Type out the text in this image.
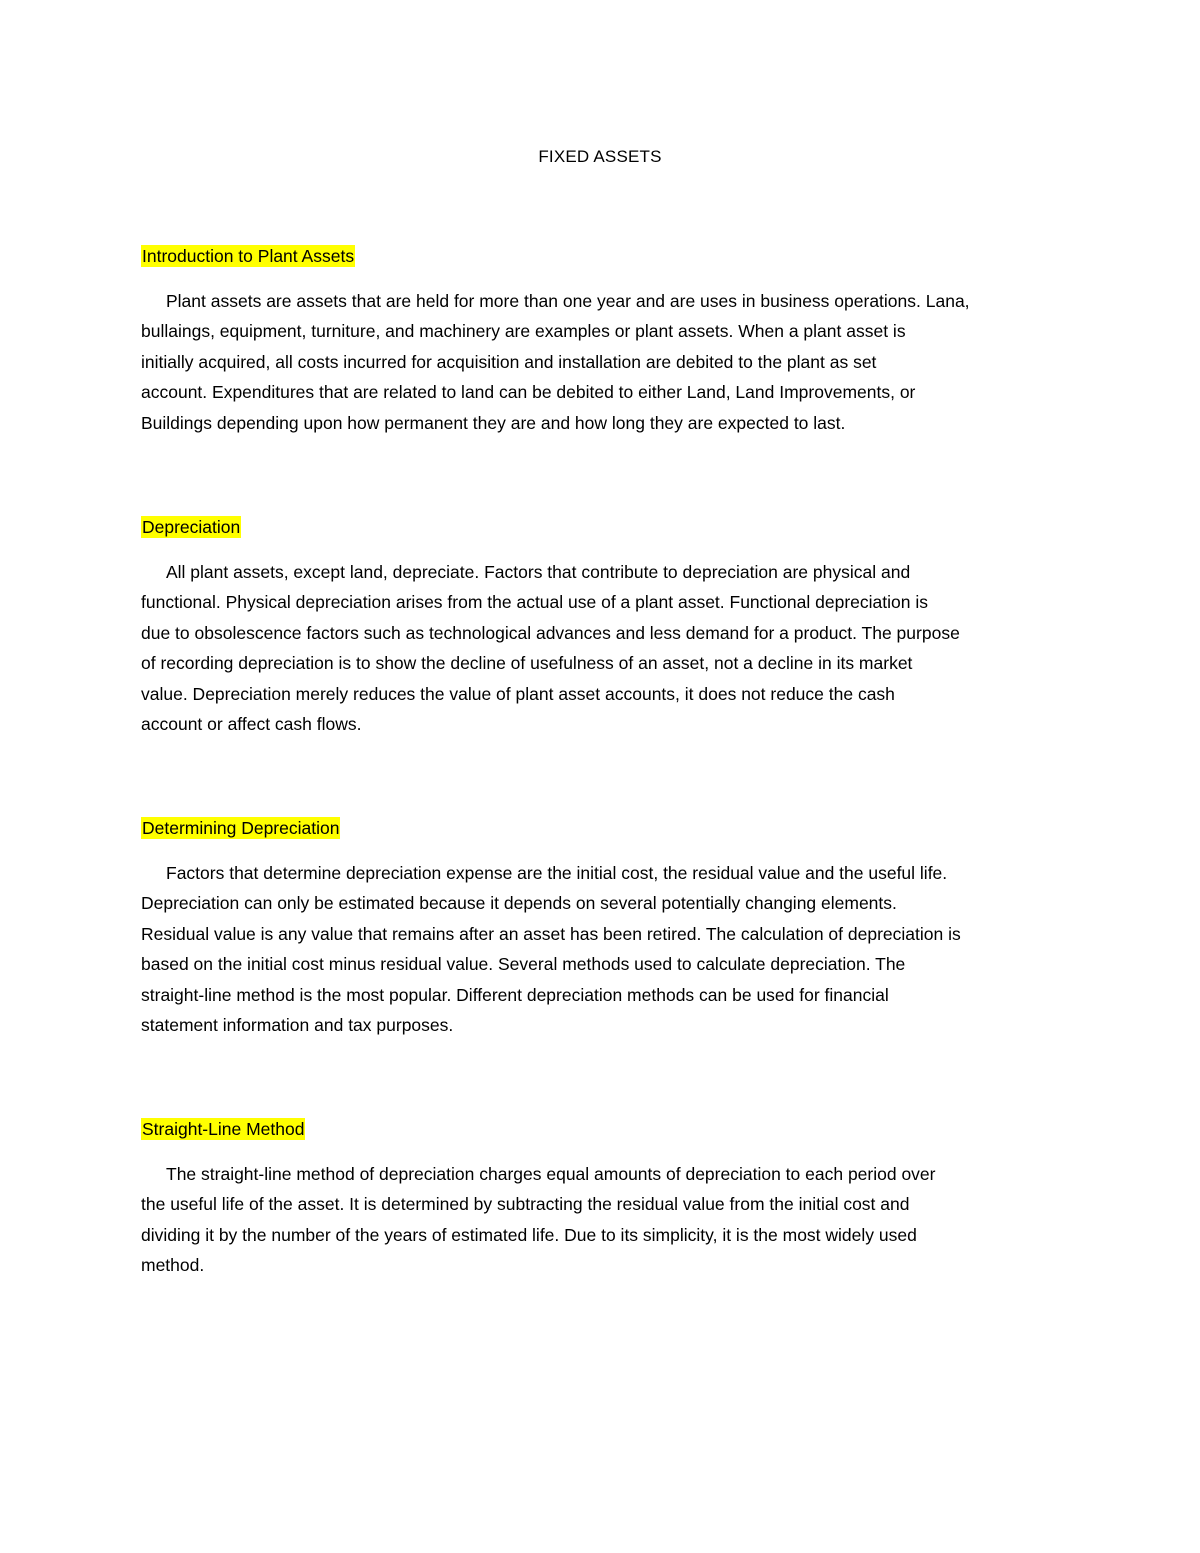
FIXED ASSETS
Introduction to Plant Assets
Plant assets are assets that are held for more than one year and are uses in business operations. Lana,
bullaings, equipment, turniture, and machinery are examples or plant assets. When a plant asset is
initially acquired, all costs incurred for acquisition and installation are debited to the plant as set
account. Expenditures that are related to land can be debited to either Land, Land Improvements, or
Buildings depending upon how permanent they are and how long they are expected to last.
Depreciation
All plant assets, except land, depreciate. Factors that contribute to depreciation are physical and
functional. Physical depreciation arises from the actual use of a plant asset. Functional depreciation is
due to obsolescence factors such as technological advances and less demand for a product. The purpose
of recording depreciation is to show the decline of usefulness of an asset, not a decline in its market
value. Depreciation merely reduces the value of plant asset accounts, it does not reduce the cash
account or affect cash flows.
Determining Depreciation
Factors that determine depreciation expense are the initial cost, the residual value and the useful life.
Depreciation can only be estimated because it depends on several potentially changing elements.
Residual value is any value that remains after an asset has been retired. The calculation of depreciation is
based on the initial cost minus residual value. Several methods used to calculate depreciation. The
straight-line method is the most popular. Different depreciation methods can be used for financial
statement information and tax purposes.
Straight-Line Method
The straight-line method of depreciation charges equal amounts of depreciation to each period over
the useful life of the asset. It is determined by subtracting the residual value from the initial cost and
dividing it by the number of the years of estimated life. Due to its simplicity, it is the most widely used
method.
